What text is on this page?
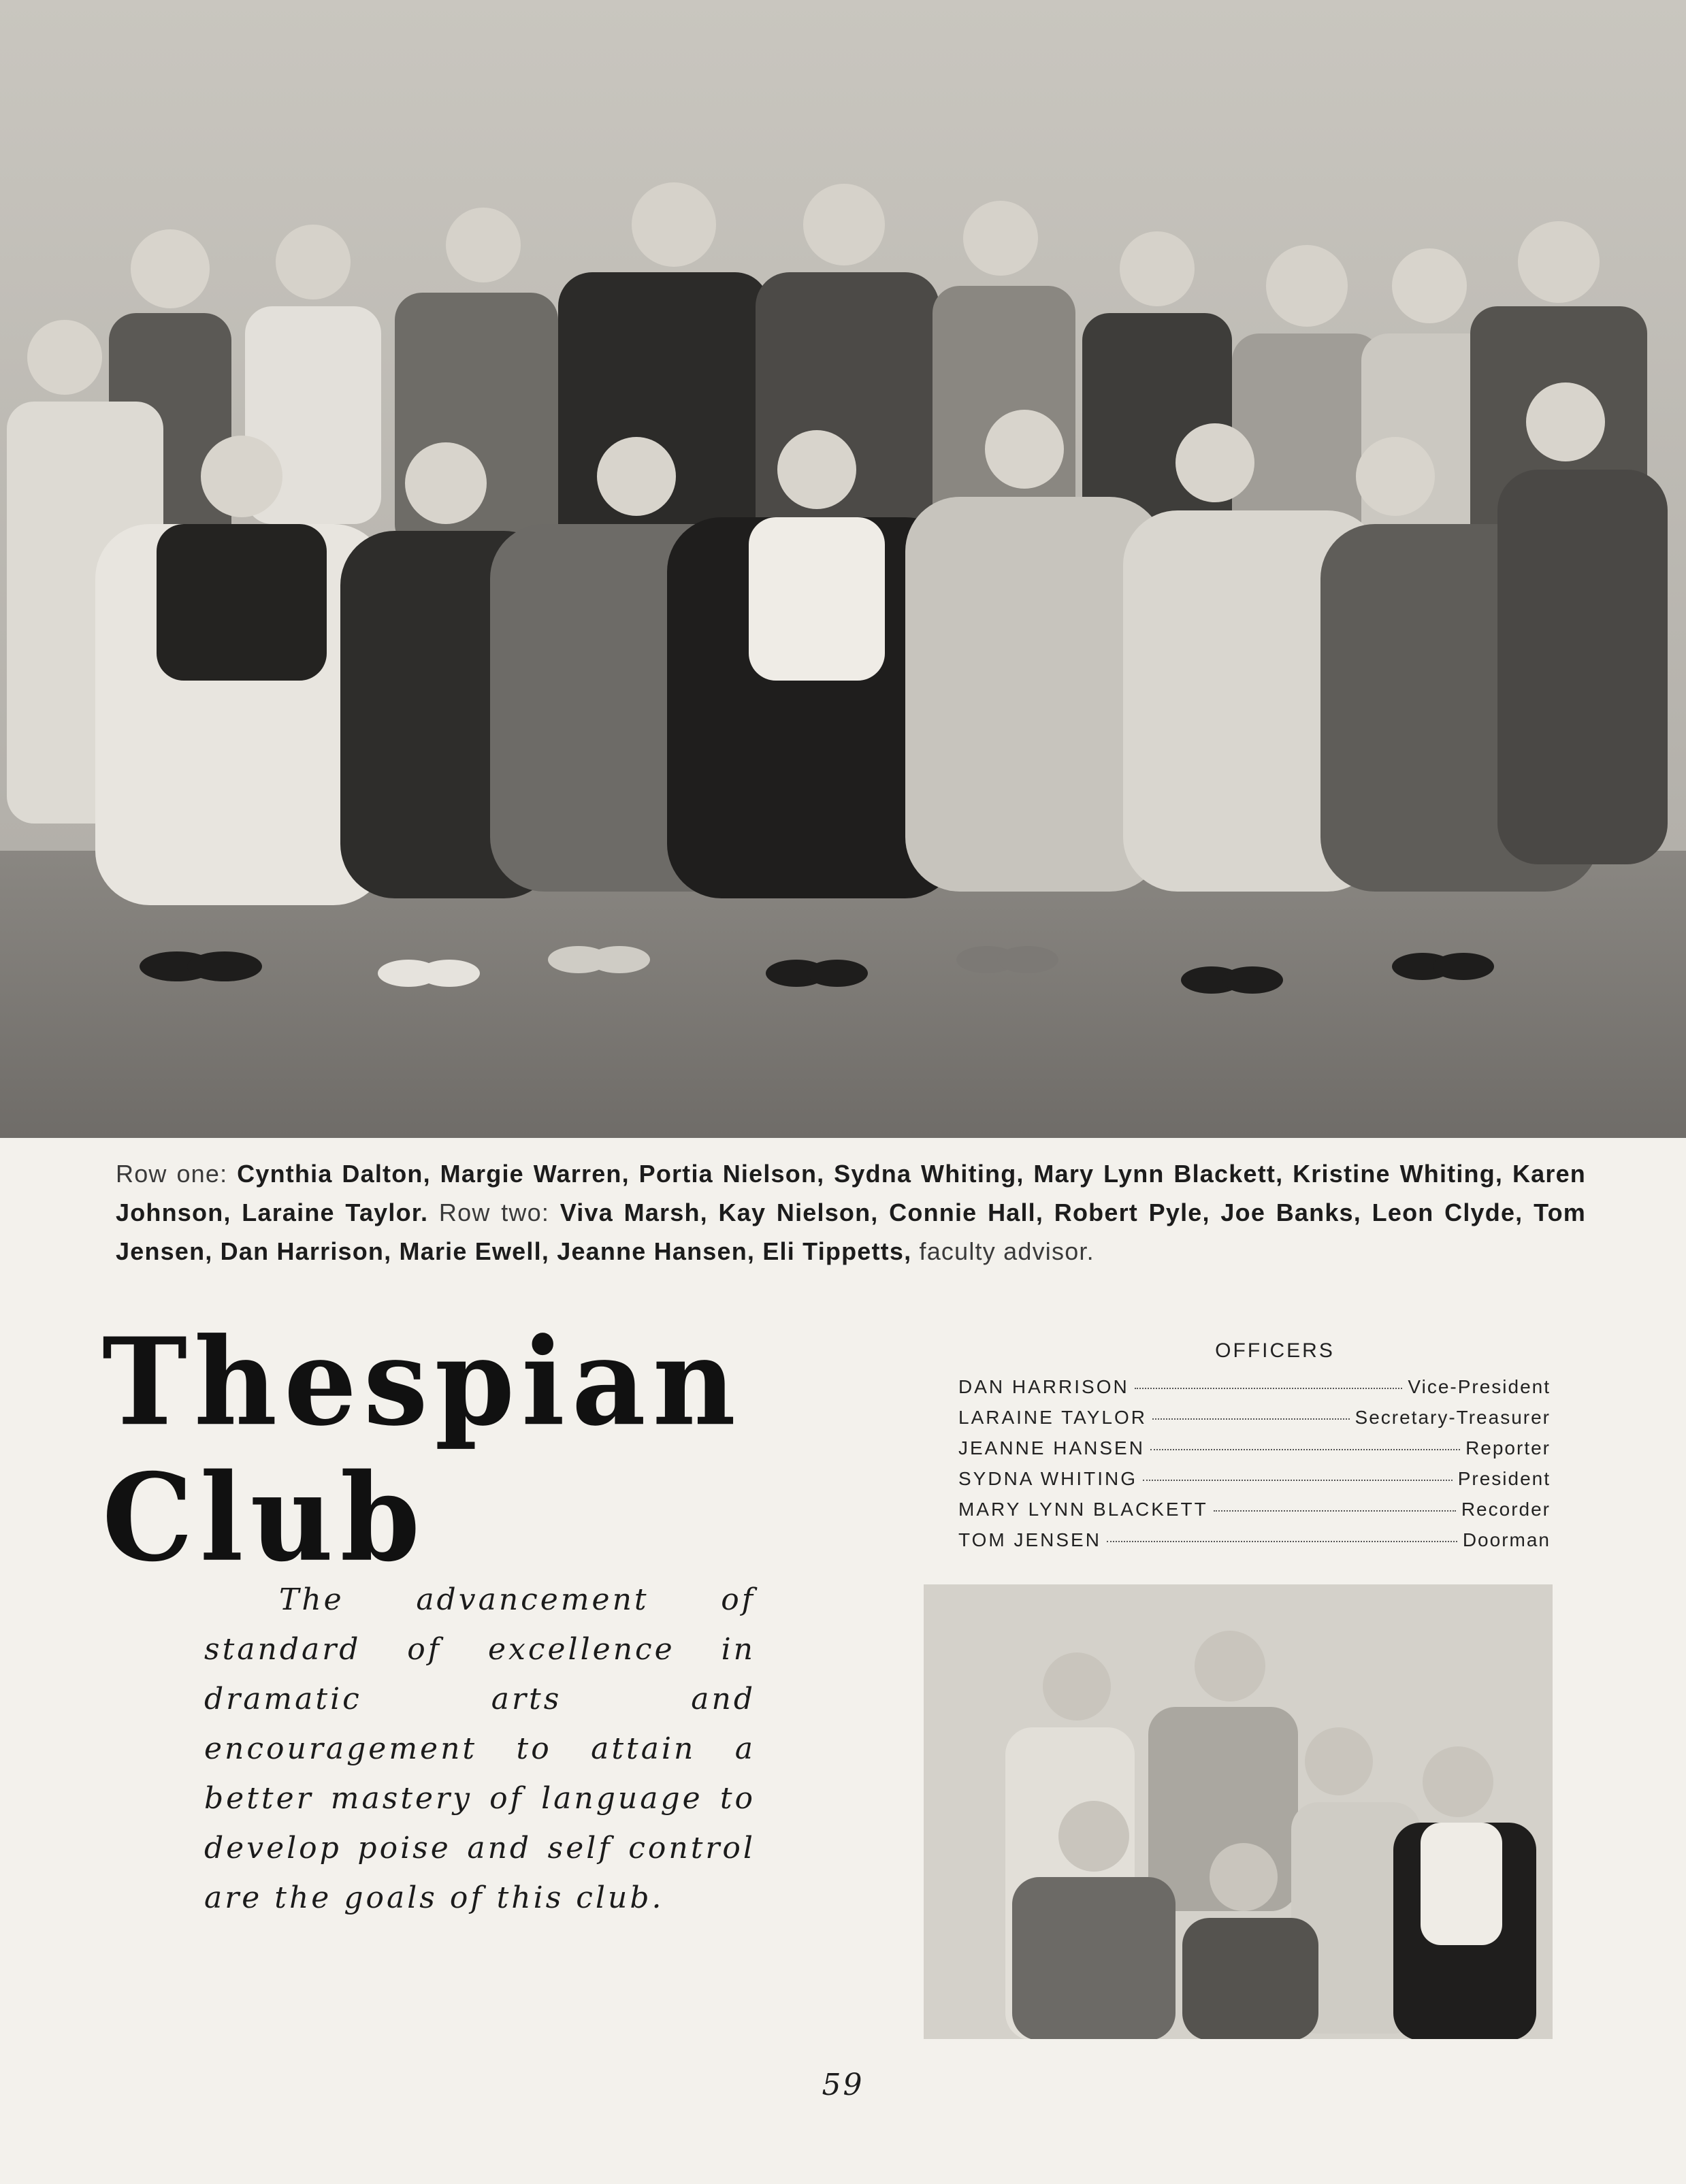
Row one: Cynthia Dalton, Margie Warren, Portia Nielson, Sydna Whiting, Mary Lynn Blackett, Kristine Whiting, Karen Johnson, Laraine Taylor. Row two: Viva Marsh, Kay Nielson, Connie Hall, Robert Pyle, Joe Banks, Leon Clyde, Tom Jensen, Dan Harrison, Marie Ewell, Jeanne Hansen, Eli Tippetts, faculty advisor.
Thespian Club
OFFICERS
DAN HARRISON	Vice-President
LARAINE TAYLOR	Secretary-Treasurer
JEANNE HANSEN	Reporter
SYDNA WHITING	President
MARY LYNN BLACKETT	Recorder
TOM JENSEN	Doorman

The advancement of standard of excellence in dramatic arts and encouragement to attain a better mastery of language to develop poise and self control are the goals of this club.

59
